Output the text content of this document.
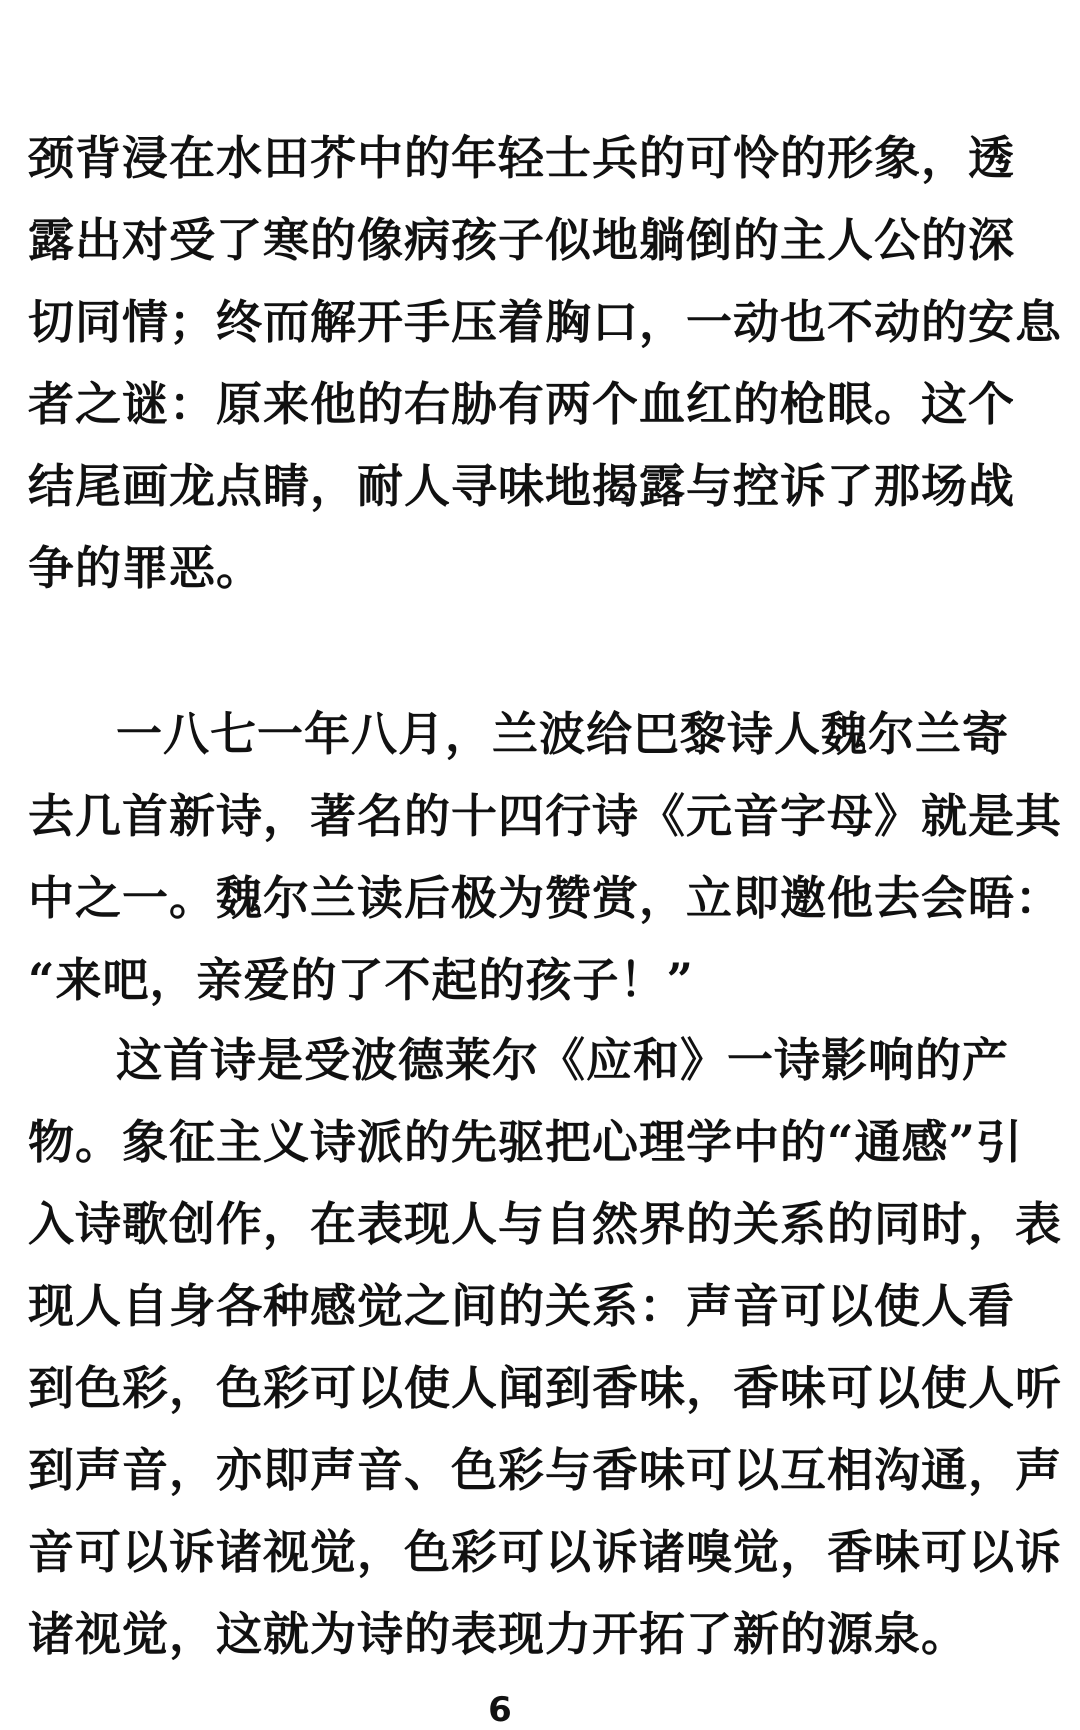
颈背浸在水田芥中的年轻士兵的可怜的形象，透
露出对受了寒的像病孩子似地躺倒的主人公的深
切同情；终而解开手压着胸口，一动也不动的安息
者之谜：原来他的右胁有两个血红的枪眼。这个
结尾画龙点睛，耐人寻味地揭露与控诉了那场战
争的罪恶。
一八七一年八月，兰波给巴黎诗人魏尔兰寄
去几首新诗，著名的十四行诗《元音字母》就是其
中之一。魏尔兰读后极为赞赏，立即邀他去会晤：
“来吧，亲爱的了不起的孩子！”
这首诗是受波德莱尔《应和》一诗影响的产
物。象征主义诗派的先驱把心理学中的“通感”引
入诗歌创作，在表现人与自然界的关系的同时，表
现人自身各种感觉之间的关系：声音可以使人看
到色彩，色彩可以使人闻到香味，香味可以使人听
到声音，亦即声音、色彩与香味可以互相沟通，声
音可以诉诸视觉，色彩可以诉诸嗅觉，香味可以诉
诸视觉，这就为诗的表现力开拓了新的源泉。
6
